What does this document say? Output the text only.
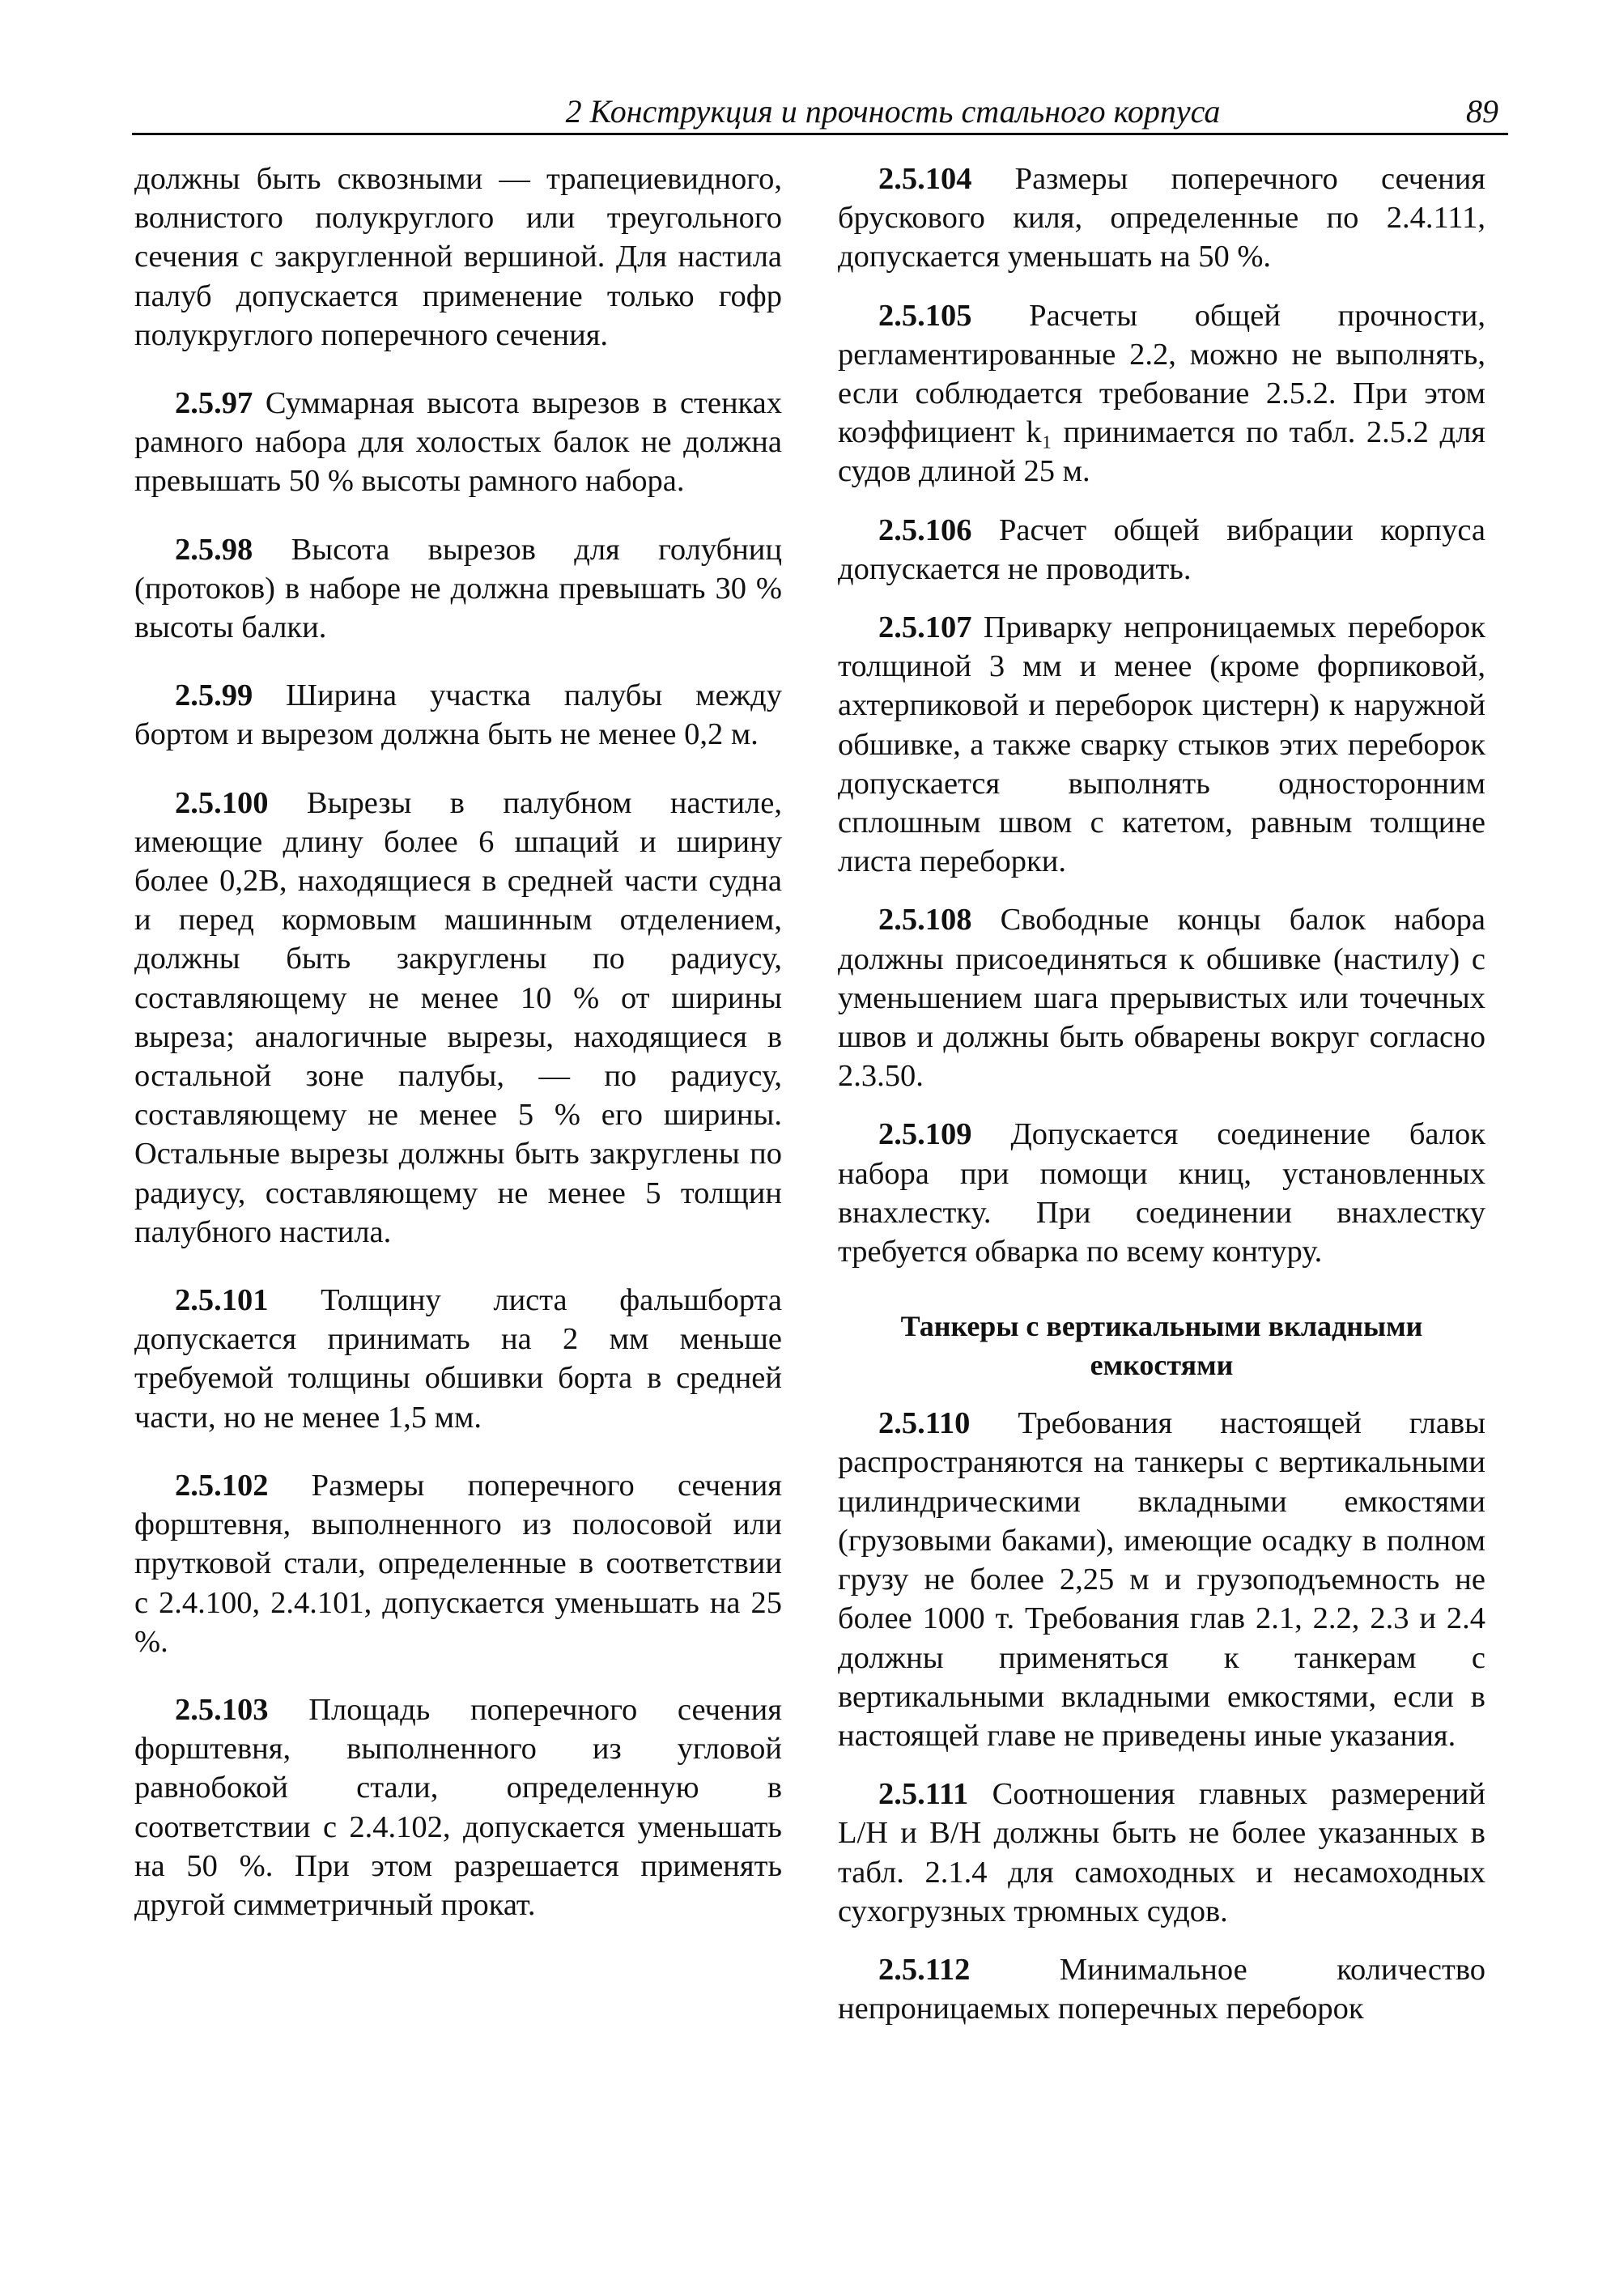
2 Конструкция и прочность стального корпуса	89

должны быть сквозными — трапециевидного, волнистого полукруглого или треугольного сечения с закругленной вершиной. Для настила палуб допускается применение только гофр полукруглого поперечного сечения.

2.5.97 Суммарная высота вырезов в стенках рамного набора для холостых балок не должна превышать 50 % высоты рамного набора.

2.5.98 Высота вырезов для голубниц (протоков) в наборе не должна превышать 30 % высоты балки.

2.5.99 Ширина участка палубы между бортом и вырезом должна быть не менее 0,2 м.

2.5.100 Вырезы в палубном настиле, имеющие длину более 6 шпаций и ширину более 0,2B, находящиеся в средней части судна и перед кормовым машинным отделением, должны быть закруглены по радиусу, составляющему не менее 10 % от ширины выреза; аналогичные вырезы, находящиеся в остальной зоне палубы, — по радиусу, составляющему не менее 5 % его ширины. Остальные вырезы должны быть закруглены по радиусу, составляющему не менее 5 толщин палубного настила.

2.5.101 Толщину листа фальшборта допускается принимать на 2 мм меньше требуемой толщины обшивки борта в средней части, но не менее 1,5 мм.

2.5.102 Размеры поперечного сечения форштевня, выполненного из полосовой или прутковой стали, определенные в соответствии с 2.4.100, 2.4.101, допускается уменьшать на 25 %.

2.5.103 Площадь поперечного сечения форштевня, выполненного из угловой равнобокой стали, определенную в соответствии с 2.4.102, допускается уменьшать на 50 %. При этом разрешается применять другой симметричный прокат.

2.5.104 Размеры поперечного сечения брускового киля, определенные по 2.4.111, допускается уменьшать на 50 %.

2.5.105 Расчеты общей прочности, регламентированные 2.2, можно не выполнять, если соблюдается требование 2.5.2. При этом коэффициент k₁ принимается по табл. 2.5.2 для судов длиной 25 м.

2.5.106 Расчет общей вибрации корпуса допускается не проводить.

2.5.107 Приварку непроницаемых переборок толщиной 3 мм и менее (кроме форпиковой, ахтерпиковой и переборок цистерн) к наружной обшивке, а также сварку стыков этих переборок допускается выполнять односторонним сплошным швом с катетом, равным толщине листа переборки.

2.5.108 Свободные концы балок набора должны присоединяться к обшивке (настилу) с уменьшением шага прерывистых или точечных швов и должны быть обварены вокруг согласно 2.3.50.

2.5.109 Допускается соединение балок набора при помощи книц, установленных внахлестку. При соединении внахлестку требуется обварка по всему контуру.

Танкеры с вертикальными вкладными емкостями

2.5.110 Требования настоящей главы распространяются на танкеры с вертикальными цилиндрическими вкладными емкостями (грузовыми баками), имеющие осадку в полном грузу не более 2,25 м и грузоподъемность не более 1000 т. Требования глав 2.1, 2.2, 2.3 и 2.4 должны применяться к танкерам с вертикальными вкладными емкостями, если в настоящей главе не приведены иные указания.

2.5.111 Соотношения главных размерений L/H и B/H должны быть не более указанных в табл. 2.1.4 для самоходных и несамоходных сухогрузных трюмных судов.

2.5.112	Минимальное количество непроницаемых поперечных переборок
